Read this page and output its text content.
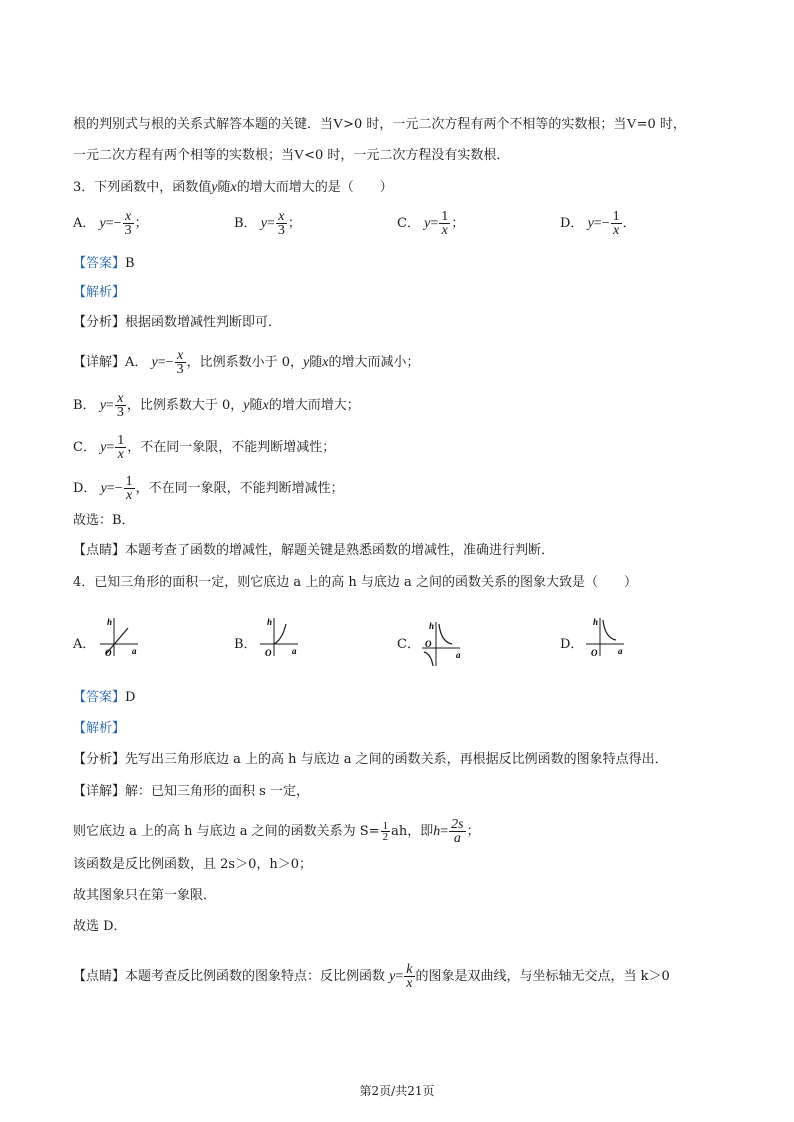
根的判别式与根的关系式解答本题的关键．当V>0 时，一元二次方程有两个不相等的实数根；当V=0 时，
一元二次方程有两个相等的实数根；当V<0 时，一元二次方程没有实数根．
3．下列函数中，函数值y随x的增大而增大的是（　　）
A． $y=- \frac{x}{3}$ ；	B． $y= \frac{x}{3}$ ；	C． $y= \frac{1}{x}$ ；	D． $y=- \frac{1}{x}$ ．
【答案】B
【解析】
【分析】根据函数增减性判断即可．
【详解】A． $y=- \frac{x}{3}$ ，比例系数小于 0，y随x的增大而减小；
B． $y= \frac{x}{3}$ ，比例系数大于 0，y随x的增大而增大；
C． $y= \frac{1}{x}$ ，不在同一象限，不能判断增减性；
D． $y=- \frac{1}{x}$ ，不在同一象限，不能判断增减性；
故选：B．
【点睛】本题考查了函数的增减性，解题关键是熟悉函数的增减性，准确进行判断．
4．已知三角形的面积一定，则它底边 a 上的高 h 与底边 a 之间的函数关系的图象大致是（　　）
A．
h
a
O
B．
h
a
O
C．
h
a
O	D．
h
a
O
【答案】D
【解析】
【分析】先写出三角形底边 a 上的高 h 与底边 a 之间的函数关系，再根据反比例函数的图象特点得出．
【详解】解：已知三角形的面积 s 一定，
则它底边 a 上的高 h 与底边 a 之间的函数关系为 $S= \frac{1}{2}$ ah，即$h= \frac{2s}{a}$ ；
该函数是反比例函数，且 2s＞0，h＞0；
故其图象只在第一象限．
故选 D．
【点睛】本题考查反比例函数的图象特点：反比例函数 $y= \frac{k}{x}$ 的图象是双曲线，与坐标轴无交点，当 k＞0
第2页/共21页
